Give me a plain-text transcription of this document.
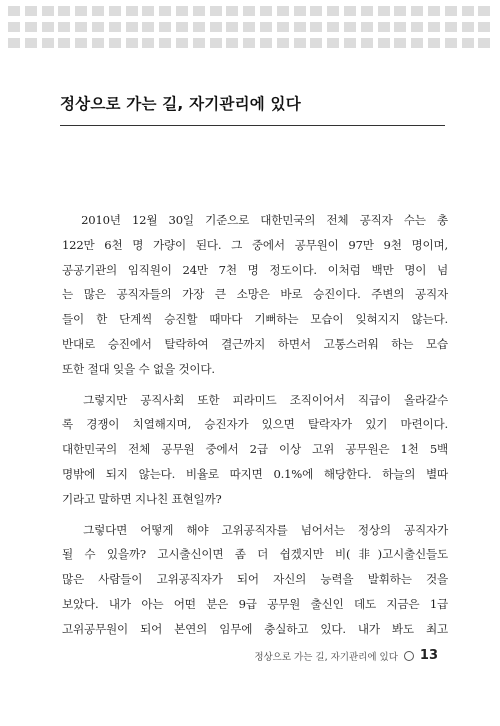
정상으로 가는 길, 자기관리에 있다
　2010년 12월 30일 기준으로 대한민국의 전체 공직자 수는 총
122만 6천 명 가량이 된다. 그 중에서 공무원이 97만 9천 명이며,
공공기관의 임직원이 24만 7천 명 정도이다. 이처럼 백만 명이 넘
는 많은 공직자들의 가장 큰 소망은 바로 승진이다. 주변의 공직자
들이 한 단계씩 승진할 때마다 기뻐하는 모습이 잊혀지지 않는다.
반대로 승진에서 탈락하여 결근까지 하면서 고통스러워 하는 모습
또한 절대 잊을 수 없을 것이다.
　그렇지만 공직사회 또한 피라미드 조직이어서 직급이 올라갈수
록 경쟁이 치열해지며, 승진자가 있으면 탈락자가 있기 마련이다.
대한민국의 전체 공무원 중에서 2급 이상 고위 공무원은 1천 5백
명밖에 되지 않는다. 비율로 따지면 0.1%에 해당한다. 하늘의 별따
기라고 말하면 지나친 표현일까?
　그렇다면 어떻게 해야 고위공직자를 넘어서는 정상의 공직자가
될 수 있을까? 고시출신이면 좀 더 쉽겠지만 비(非)고시출신들도
많은 사람들이 고위공직자가 되어 자신의 능력을 발휘하는 것을
보았다. 내가 아는 어떤 분은 9급 공무원 출신인 데도 지금은 1급
고위공무원이 되어 본연의 임무에 충실하고 있다. 내가 봐도 최고
정상으로 가는 길, 자기관리에 있다 13
